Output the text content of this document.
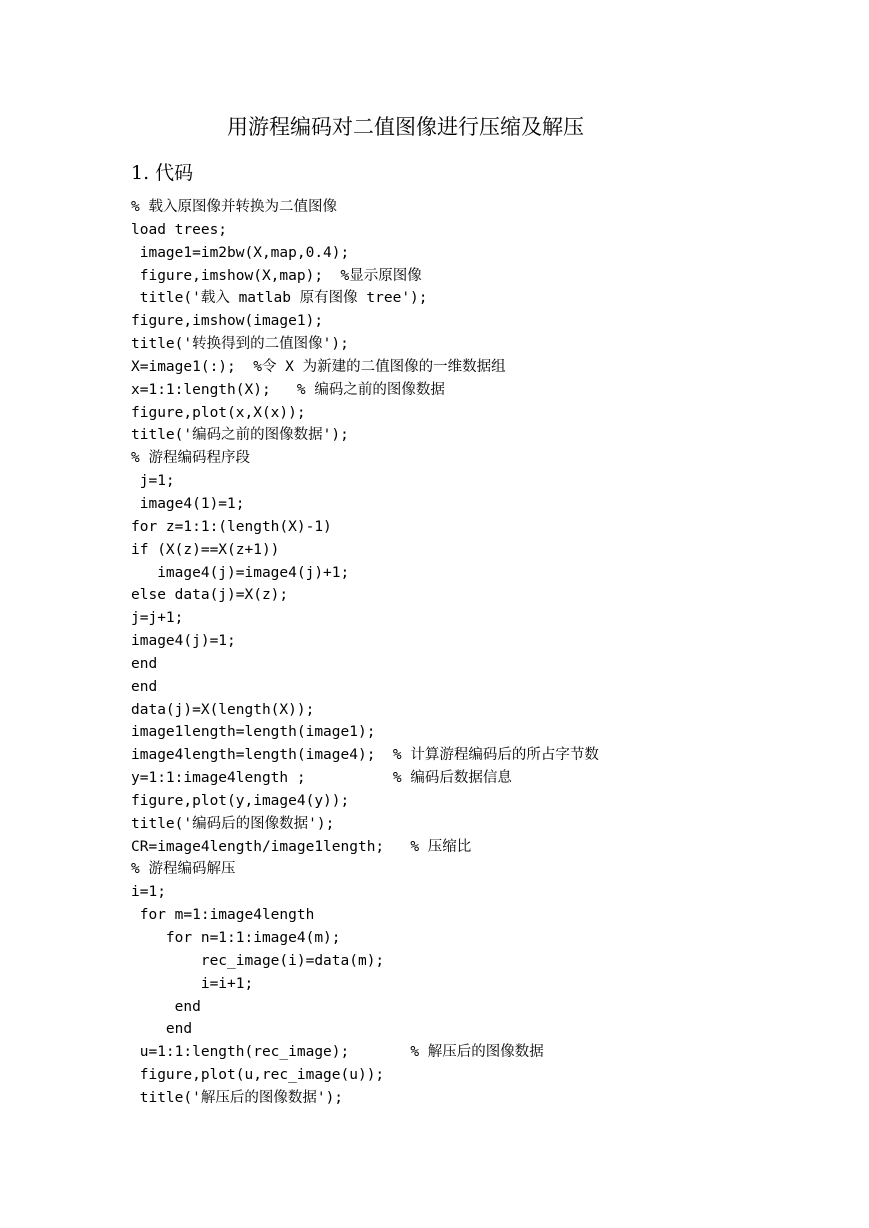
用游程编码对二值图像进行压缩及解压
1. 代码
% 载入原图像并转换为二值图像
load trees;
image1=im2bw(X,map,0.4);
figure,imshow(X,map);  %显示原图像
title('载入 matlab 原有图像 tree');
figure,imshow(image1);
title('转换得到的二值图像');
X=image1(:);  %令 X 为新建的二值图像的一维数据组
x=1:1:length(X);   % 编码之前的图像数据
figure,plot(x,X(x));
title('编码之前的图像数据');
% 游程编码程序段
j=1;
image4(1)=1;
for z=1:1:(length(X)-1)
if (X(z)==X(z+1))
image4(j)=image4(j)+1;
else data(j)=X(z);
j=j+1;
image4(j)=1;
end
end
data(j)=X(length(X));
image1length=length(image1);
image4length=length(image4);  % 计算游程编码后的所占字节数
y=1:1:image4length ;          % 编码后数据信息
figure,plot(y,image4(y));
title('编码后的图像数据');
CR=image4length/image1length;   % 压缩比
% 游程编码解压
i=1;
for m=1:image4length
for n=1:1:image4(m);
rec_image(i)=data(m);
i=i+1;
end
end
u=1:1:length(rec_image);       % 解压后的图像数据
figure,plot(u,rec_image(u));
title('解压后的图像数据');
